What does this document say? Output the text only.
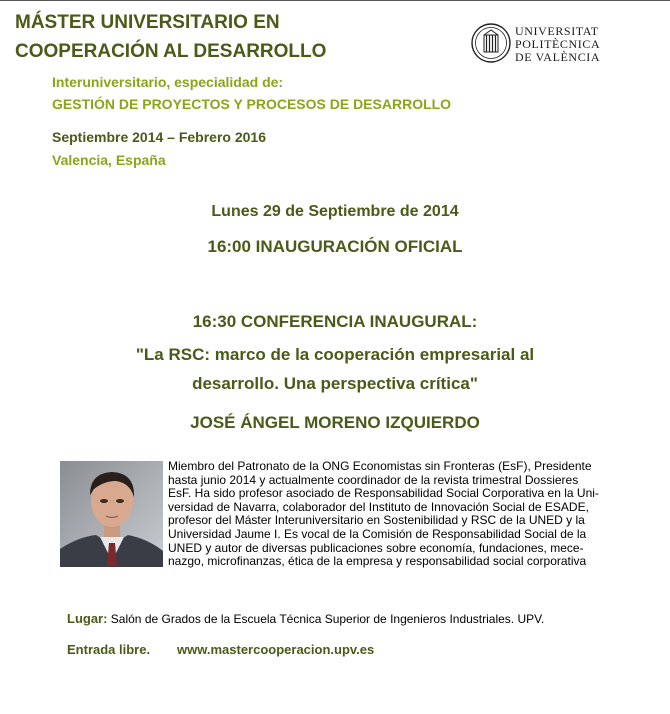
MÁSTER UNIVERSITARIO EN
COOPERACIÓN AL DESARROLLO
Interuniversitario, especialidad de:
GESTIÓN DE PROYECTOS Y PROCESOS DE DESARROLLO
Septiembre 2014 – Febrero 2016
Valencia, España
UNIVERSITAT
POLITÈCNICA
DE VALÈNCIA
Lunes 29 de Septiembre de 2014
16:00 INAUGURACIÓN OFICIAL
16:30 CONFERENCIA INAUGURAL:
"La RSC: marco de la cooperación empresarial al
desarrollo. Una perspectiva crítica"
JOSÉ ÁNGEL MORENO IZQUIERDO
Miembro del Patronato de la ONG Economistas sin Fronteras (EsF), Presidente
hasta junio 2014 y actualmente coordinador de la revista trimestral Dossieres
EsF. Ha sido profesor asociado de Responsabilidad Social Corporativa en la Uni-
versidad de Navarra, colaborador del Instituto de Innovación Social de ESADE,
profesor del Máster Interuniversitario en Sostenibilidad y RSC de la UNED y la
Universidad Jaume I. Es vocal de la Comisión de Responsabilidad Social de la
UNED y autor de diversas publicaciones sobre economía, fundaciones, mece-
nazgo, microfinanzas, ética de la empresa y responsabilidad social corporativa
Lugar: Salón de Grados de la Escuela Técnica Superior de Ingenieros Industriales. UPV.
Entrada libre. www.mastercooperacion.upv.es
